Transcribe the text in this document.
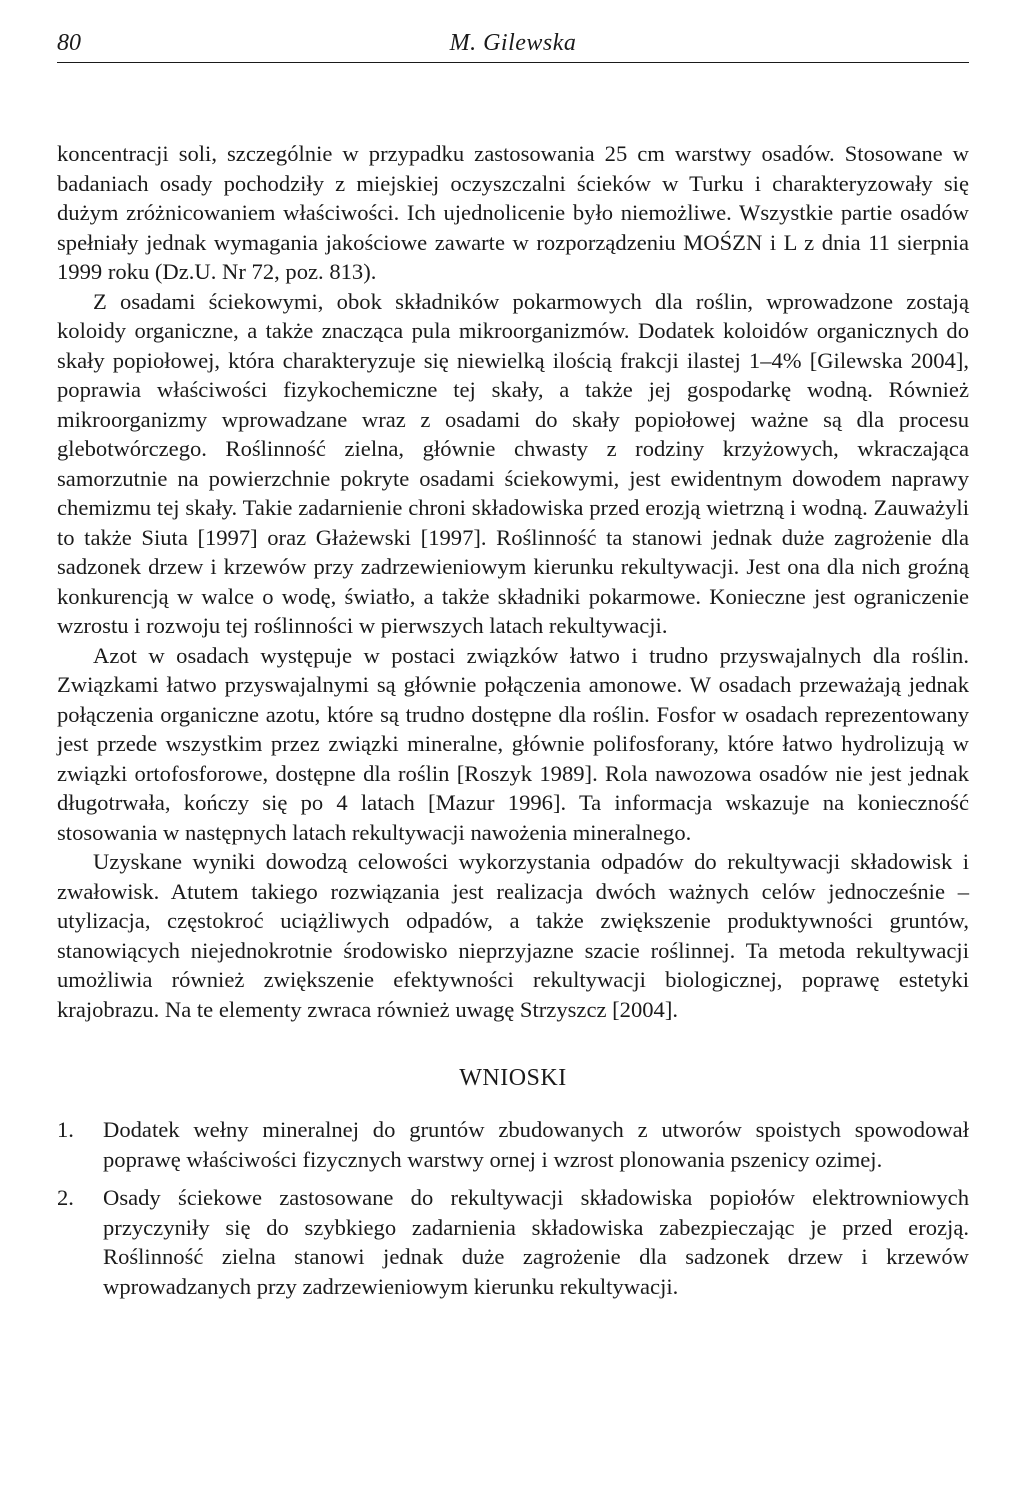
80	M. Gilewska

koncentracji soli, szczególnie w przypadku zastosowania 25 cm warstwy osadów. Stosowane w badaniach osady pochodziły z miejskiej oczyszczalni ścieków w Turku i charakteryzowały się dużym zróżnicowaniem właściwości. Ich ujednolicenie było niemożliwe. Wszystkie partie osadów spełniały jednak wymagania jakościowe zawarte w rozporządzeniu MOŚZN i L z dnia 11 sierpnia 1999 roku (Dz.U. Nr 72, poz. 813).

Z osadami ściekowymi, obok składników pokarmowych dla roślin, wprowadzone zostają koloidy organiczne, a także znacząca pula mikroorganizmów. Dodatek koloidów organicznych do skały popiołowej, która charakteryzuje się niewielką ilością frakcji ilastej 1–4% [Gilewska 2004], poprawia właściwości fizykochemiczne tej skały, a także jej gospodarkę wodną. Również mikroorganizmy wprowadzane wraz z osadami do skały popiołowej ważne są dla procesu glebotwórczego. Roślinność zielna, głównie chwasty z rodziny krzyżowych, wkraczająca samorzutnie na powierzchnie pokryte osadami ściekowymi, jest ewidentnym dowodem naprawy chemizmu tej skały. Takie zadarnienie chroni składowiska przed erozją wietrzną i wodną. Zauważyli to także Siuta [1997] oraz Głażewski [1997]. Roślinność ta stanowi jednak duże zagrożenie dla sadzonek drzew i krzewów przy zadrzewieniowym kierunku rekultywacji. Jest ona dla nich groźną konkurencją w walce o wodę, światło, a także składniki pokarmowe. Konieczne jest ograniczenie wzrostu i rozwoju tej roślinności w pierwszych latach rekultywacji.

Azot w osadach występuje w postaci związków łatwo i trudno przyswajalnych dla roślin. Związkami łatwo przyswajalnymi są głównie połączenia amonowe. W osadach przeważają jednak połączenia organiczne azotu, które są trudno dostępne dla roślin. Fosfor w osadach reprezentowany jest przede wszystkim przez związki mineralne, głównie polifosforany, które łatwo hydrolizują w związki ortofosforowe, dostępne dla roślin [Roszyk 1989]. Rola nawozowa osadów nie jest jednak długotrwała, kończy się po 4 latach [Mazur 1996]. Ta informacja wskazuje na konieczność stosowania w następnych latach rekultywacji nawożenia mineralnego.

Uzyskane wyniki dowodzą celowości wykorzystania odpadów do rekultywacji składowisk i zwałowisk. Atutem takiego rozwiązania jest realizacja dwóch ważnych celów jednocześnie – utylizacja, częstokroć uciążliwych odpadów, a także zwiększenie produktywności gruntów, stanowiących niejednokrotnie środowisko nieprzyjazne szacie roślinnej. Ta metoda rekultywacji umożliwia również zwiększenie efektywności rekultywacji biologicznej, poprawę estetyki krajobrazu. Na te elementy zwraca również uwagę Strzyszcz [2004].

WNIOSKI
1. Dodatek wełny mineralnej do gruntów zbudowanych z utworów spoistych spowodował poprawę właściwości fizycznych warstwy ornej i wzrost plonowania pszenicy ozimej.
2. Osady ściekowe zastosowane do rekultywacji składowiska popiołów elektrowniowych przyczyniły się do szybkiego zadarnienia składowiska zabezpieczając je przed erozją. Roślinność zielna stanowi jednak duże zagrożenie dla sadzonek drzew i krzewów wprowadzanych przy zadrzewieniowym kierunku rekultywacji.
